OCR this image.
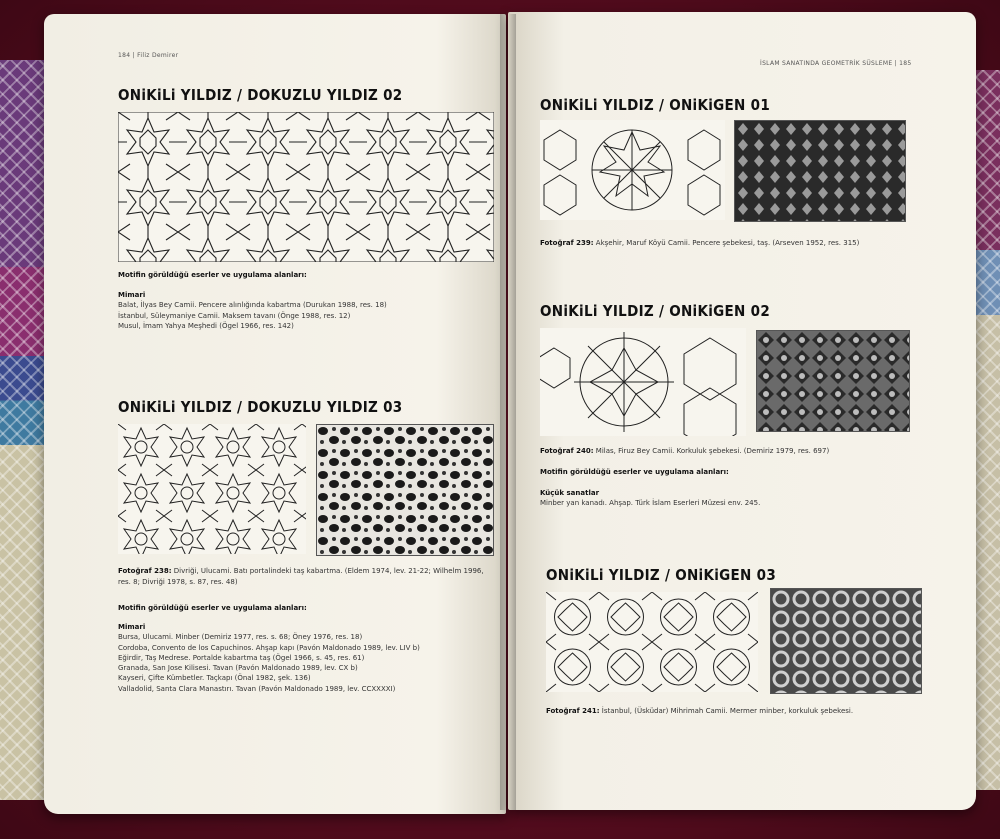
184 | Filiz Demirer
ONiKiLi YILDIZ / DOKUZLU YILDIZ 02
Motifin görüldüğü eserler ve uygulama alanları:
Mimari
Balat, İlyas Bey Camii. Pencere alınlığında kabartma (Durukan 1988, res. 18)
İstanbul, Süleymaniye Camii. Maksem tavanı (Önge 1988, res. 12)
Musul, İmam Yahya Meşhedi (Ögel 1966, res. 142)
ONiKiLi YILDIZ / DOKUZLU YILDIZ 03
Fotoğraf 238: Divriği, Ulucami. Batı portalindeki taş kabartma. (Eldem 1974, lev. 21-22; Wilhelm 1996,
res. 8; Divriği 1978, s. 87, res. 48)
Motifin görüldüğü eserler ve uygulama alanları:
Mimari
Bursa, Ulucami. Minber (Demiriz 1977, res. s. 68; Öney 1976, res. 18)
Cordoba, Convento de los Capuchinos. Ahşap kapı (Pavón Maldonado 1989, lev. LIV b)
Eğirdir, Taş Medrese. Portalde kabartma taş (Ögel 1966, s. 45, res. 61)
Granada, San Jose Kilisesi. Tavan (Pavón Maldonado 1989, lev. CX b)
Kayseri, Çifte Kümbetler. Taçkapı (Önal 1982, şek. 136)
Valladolid, Santa Clara Manastırı. Tavan (Pavón Maldonado 1989, lev. CCXXXXI)
İSLAM SANATINDA GEOMETRİK SÜSLEME | 185
ONiKiLi YILDIZ / ONiKiGEN 01
Fotoğraf 239: Akşehir, Maruf Köyü Camii. Pencere şebekesi, taş. (Arseven 1952, res. 315)
ONiKiLi YILDIZ / ONiKiGEN 02
Fotoğraf 240: Milas, Firuz Bey Camii. Korkuluk şebekesi. (Demiriz 1979, res. 697)
Motifin görüldüğü eserler ve uygulama alanları:
Küçük sanatlar
Minber yan kanadı. Ahşap. Türk İslam Eserleri Müzesi env. 245.
ONiKiLi YILDIZ / ONiKiGEN 03
Fotoğraf 241: İstanbul, (Üsküdar) Mihrimah Camii. Mermer minber, korkuluk şebekesi.
